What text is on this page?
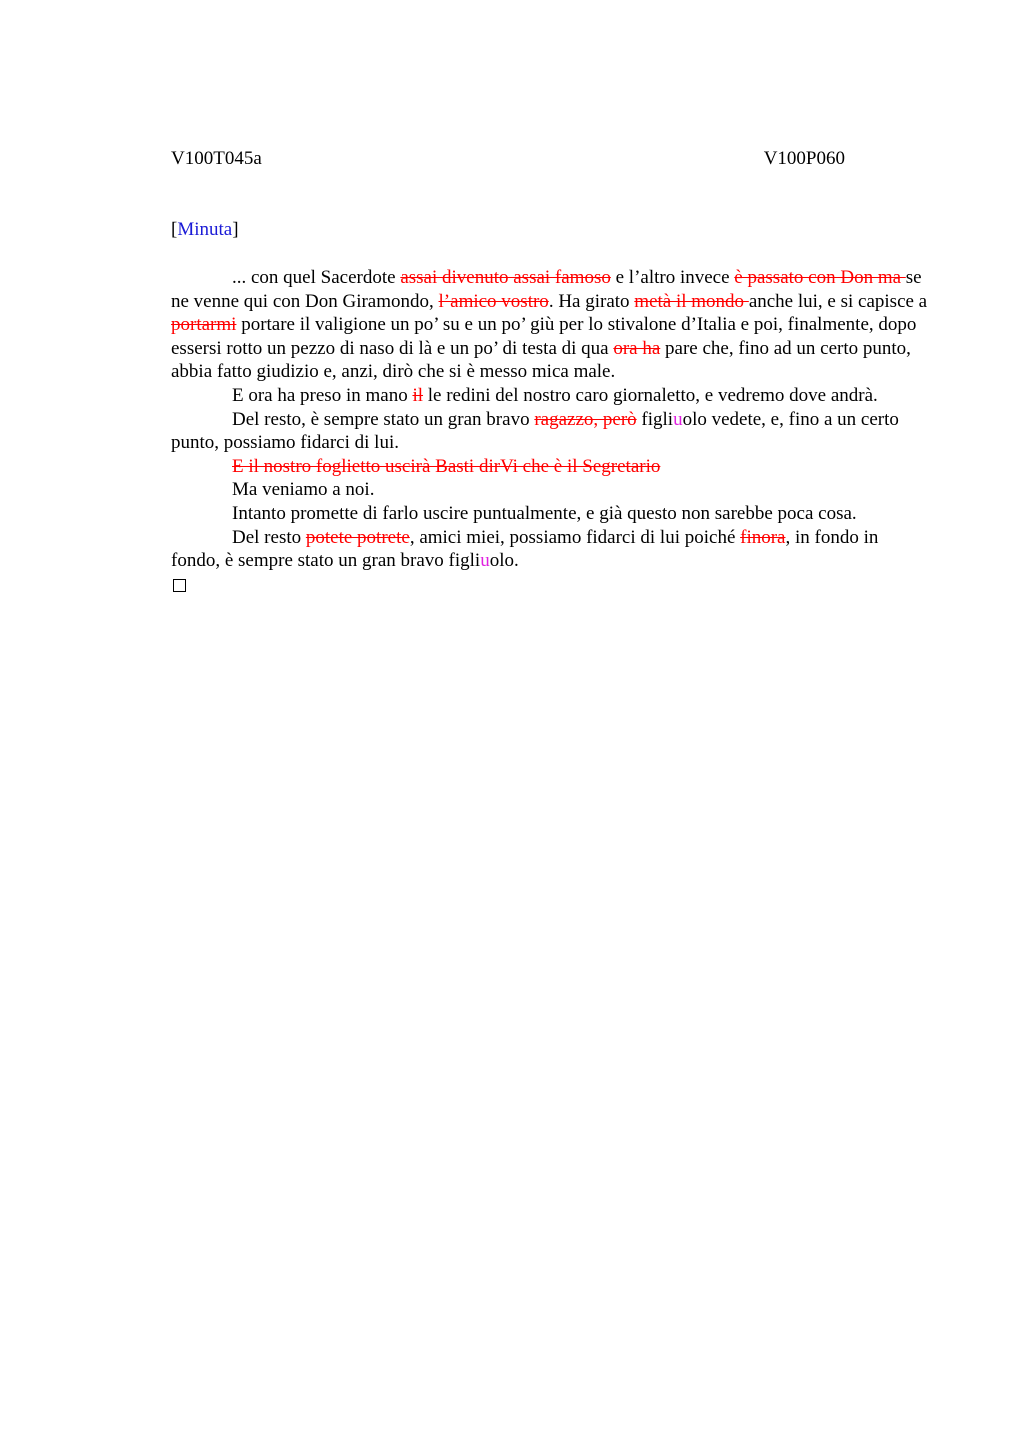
V100T045a	V100P060
[Minuta]

... con quel Sacerdote assai divenuto assai famoso e l’altro invece è passato con Don ma se ne venne qui con Don Giramondo, l’amico vostro. Ha girato metà il mondo anche lui, e si capisce a portarmi portare il valigione un po’ su e un po’ giù per lo stivalone d’Italia e poi, finalmente, dopo essersi rotto un pezzo di naso di là e un po’ di testa di qua ora ha pare che, fino ad un certo punto, abbia fatto giudizio e, anzi, dirò che si è messo mica male.

E ora ha preso in mano il le redini del nostro caro giornaletto, e vedremo dove andrà.

Del resto, è sempre stato un gran bravo ragazzo, però figliuolo vedete, e, fino a un certo punto, possiamo fidarci di lui.

E il nostro foglietto uscirà Basti dirVi che è il Segretario

Ma veniamo a noi.

Intanto promette di farlo uscire puntualmente, e già questo non sarebbe poca cosa.

Del resto potete potrete, amici miei, possiamo fidarci di lui poiché finora, in fondo in fondo, è sempre stato un gran bravo figliuolo.
